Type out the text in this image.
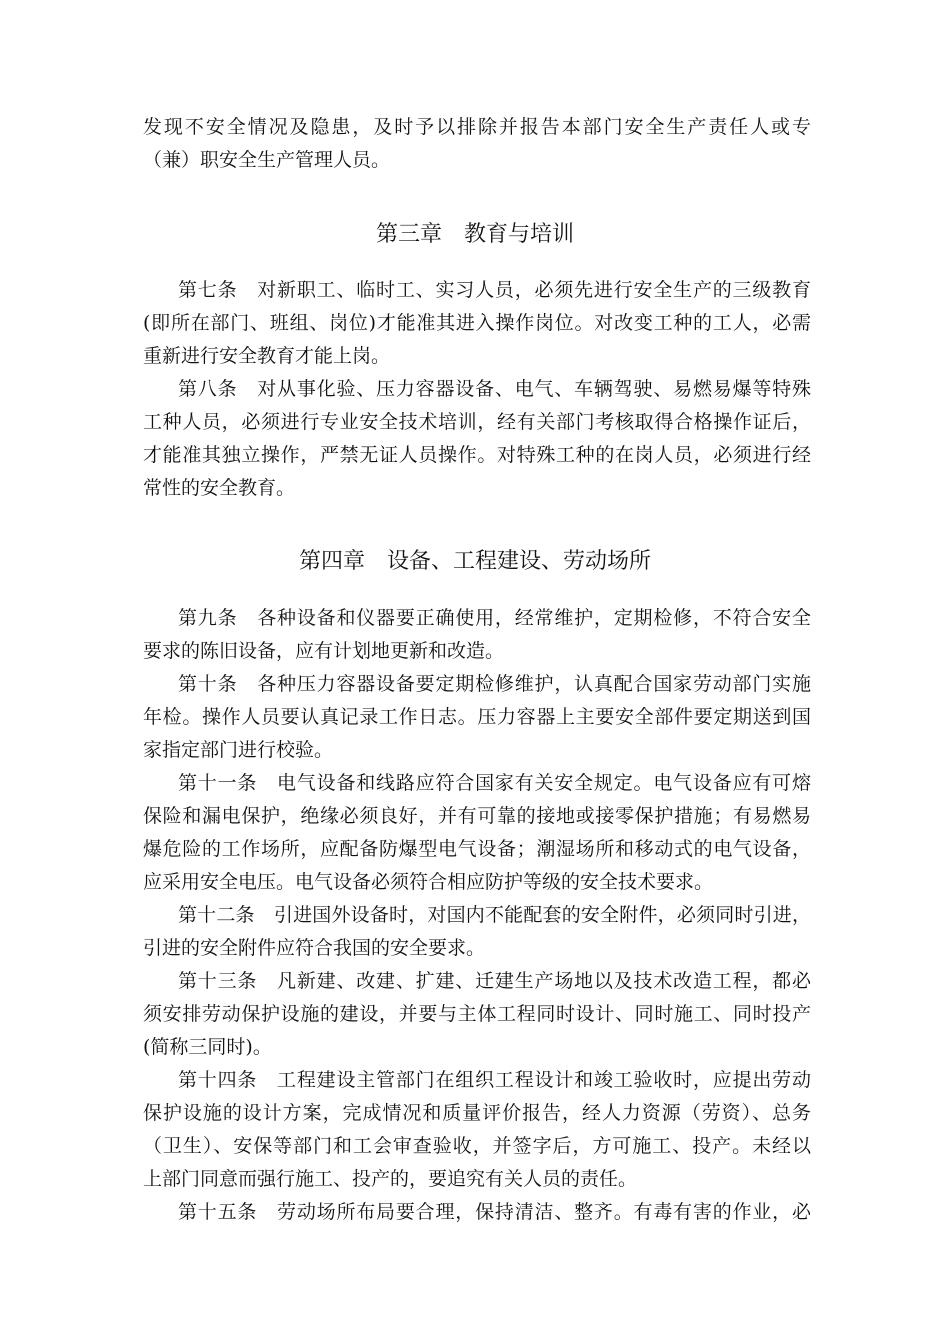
发现不安全情况及隐患，及时予以排除并报告本部门安全生产责任人或专
（兼）职安全生产管理人员。
第三章　教育与培训
第七条　对新职工、临时工、实习人员，必须先进行安全生产的三级教育
(即所在部门、班组、岗位)才能准其进入操作岗位。对改变工种的工人，必需
重新进行安全教育才能上岗。
第八条　对从事化验、压力容器设备、电气、车辆驾驶、易燃易爆等特殊
工种人员，必须进行专业安全技术培训，经有关部门考核取得合格操作证后，
才能准其独立操作，严禁无证人员操作。对特殊工种的在岗人员，必须进行经
常性的安全教育。
第四章　设备、工程建设、劳动场所
第九条　各种设备和仪器要正确使用，经常维护，定期检修，不符合安全
要求的陈旧设备，应有计划地更新和改造。
第十条　各种压力容器设备要定期检修维护，认真配合国家劳动部门实施
年检。操作人员要认真记录工作日志。压力容器上主要安全部件要定期送到国
家指定部门进行校验。
第十一条　电气设备和线路应符合国家有关安全规定。电气设备应有可熔
保险和漏电保护，绝缘必须良好，并有可靠的接地或接零保护措施；有易燃易
爆危险的工作场所，应配备防爆型电气设备；潮湿场所和移动式的电气设备，
应采用安全电压。电气设备必须符合相应防护等级的安全技术要求。
第十二条　引进国外设备时，对国内不能配套的安全附件，必须同时引进，
引进的安全附件应符合我国的安全要求。
第十三条　凡新建、改建、扩建、迁建生产场地以及技术改造工程，都必
须安排劳动保护设施的建设，并要与主体工程同时设计、同时施工、同时投产
(简称三同时)。
第十四条　工程建设主管部门在组织工程设计和竣工验收时，应提出劳动
保护设施的设计方案，完成情况和质量评价报告，经人力资源（劳资）、总务
（卫生）、安保等部门和工会审查验收，并签字后，方可施工、投产。未经以
上部门同意而强行施工、投产的，要追究有关人员的责任。
第十五条　劳动场所布局要合理，保持清洁、整齐。有毒有害的作业，必
